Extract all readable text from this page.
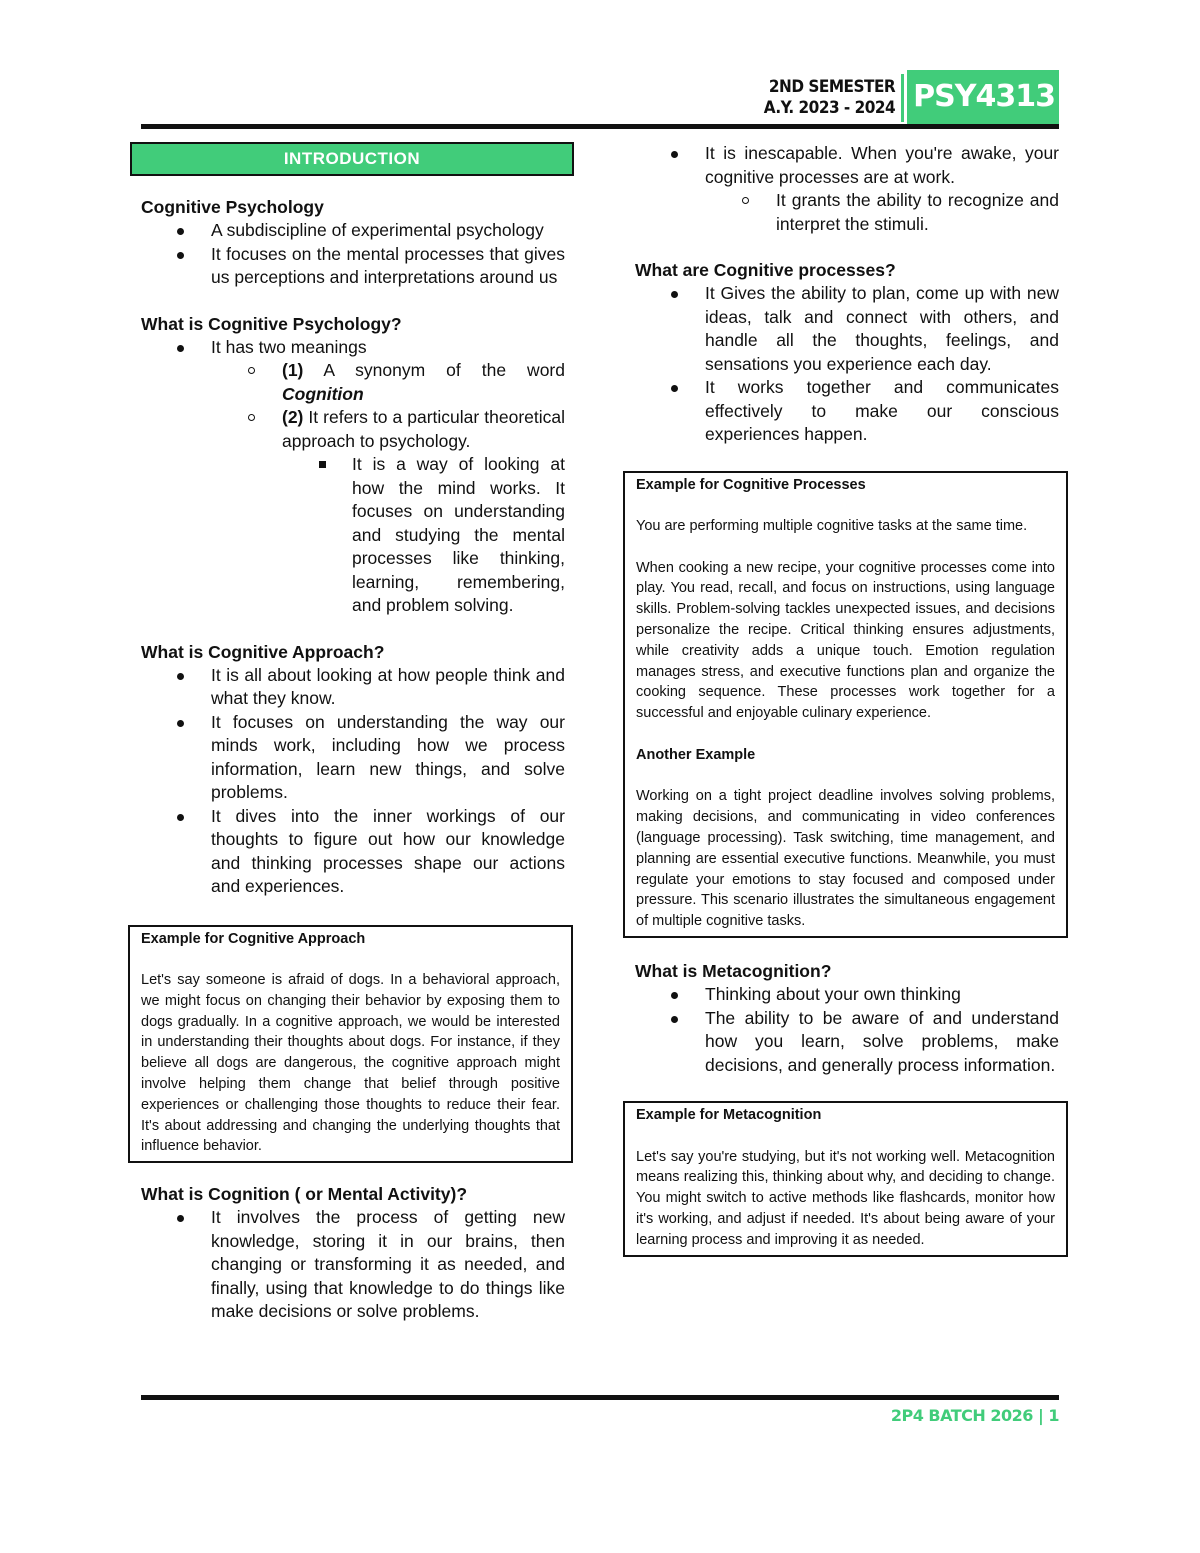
2ND SEMESTER
A.Y. 2023 - 2024 PSY4313
INTRODUCTION
Cognitive Psychology
A subdiscipline of experimental psychology
It focuses on the mental processes that gives us perceptions and interpretations around us
What is Cognitive Psychology?
It has two meanings
(1) A synonym of the word Cognition
(2) It refers to a particular theoretical approach to psychology.
It is a way of looking at how the mind works. It focuses on understanding and studying the mental processes like thinking, learning, remembering, and problem solving.
What is Cognitive Approach?
It is all about looking at how people think and what they know.
It focuses on understanding the way our minds work, including how we process information, learn new things, and solve problems.
It dives into the inner workings of our thoughts to figure out how our knowledge and thinking processes shape our actions and experiences.
Example for Cognitive Approach

Let's say someone is afraid of dogs. In a behavioral approach, we might focus on changing their behavior by exposing them to dogs gradually. In a cognitive approach, we would be interested in understanding their thoughts about dogs. For instance, if they believe all dogs are dangerous, the cognitive approach might involve helping them change that belief through positive experiences or challenging those thoughts to reduce their fear. It's about addressing and changing the underlying thoughts that influence behavior.

What is Cognition ( or Mental Activity)?
It involves the process of getting new knowledge, storing it in our brains, then changing or transforming it as needed, and finally, using that knowledge to do things like make decisions or solve problems.
It is inescapable. When you're awake, your cognitive processes are at work.
It grants the ability to recognize and interpret the stimuli.
What are Cognitive processes?
It Gives the ability to plan, come up with new ideas, talk and connect with others, and handle all the thoughts, feelings, and sensations you experience each day.
It works together and communicates effectively to make our conscious experiences happen.
Example for Cognitive Processes

You are performing multiple cognitive tasks at the same time.

When cooking a new recipe, your cognitive processes come into play. You read, recall, and focus on instructions, using language skills. Problem-solving tackles unexpected issues, and decisions personalize the recipe. Critical thinking ensures adjustments, while creativity adds a unique touch. Emotion regulation manages stress, and executive functions plan and organize the cooking sequence. These processes work together for a successful and enjoyable culinary experience.

Another Example

Working on a tight project deadline involves solving problems, making decisions, and communicating in video conferences (language processing). Task switching, time management, and planning are essential executive functions. Meanwhile, you must regulate your emotions to stay focused and composed under pressure. This scenario illustrates the simultaneous engagement of multiple cognitive tasks.

What is Metacognition?
Thinking about your own thinking
The ability to be aware of and understand how you learn, solve problems, make decisions, and generally process information.
Example for Metacognition

Let's say you're studying, but it's not working well. Metacognition means realizing this, thinking about why, and deciding to change. You might switch to active methods like flashcards, monitor how it's working, and adjust if needed. It's about being aware of your learning process and improving it as needed.

2P4 BATCH 2026 | 1
